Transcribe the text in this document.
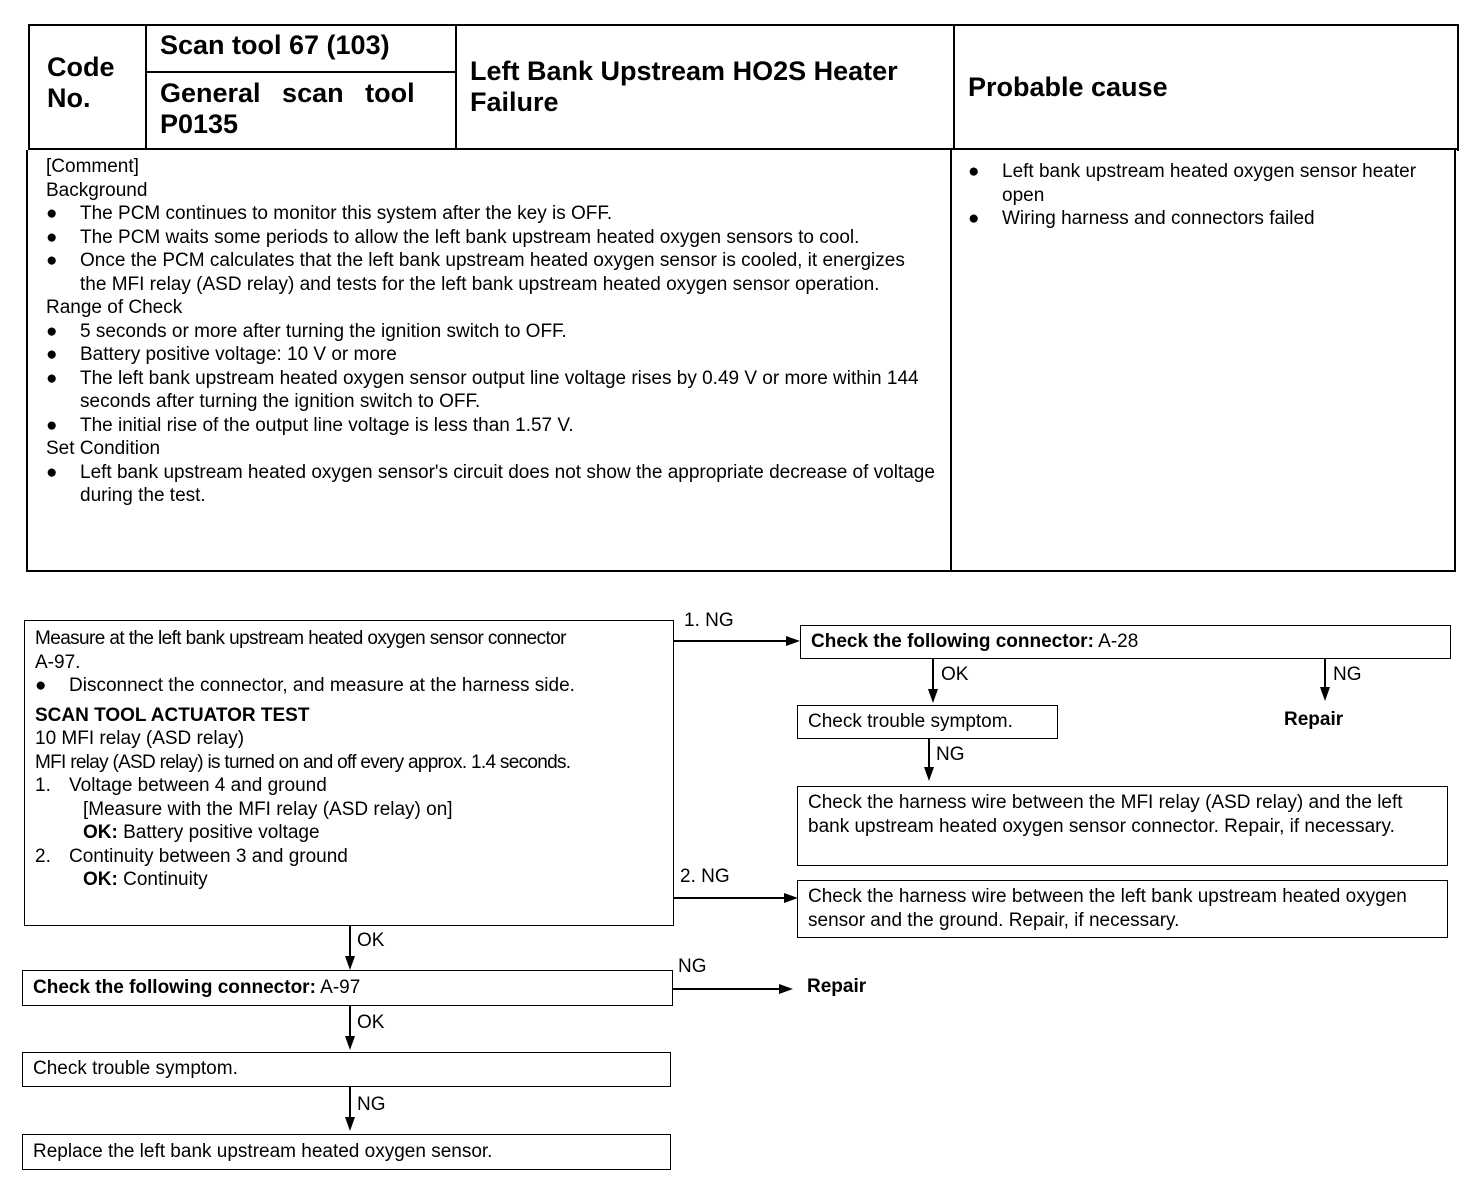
Code No.
Scan tool 67 (103)
General scan tool P0135
Left Bank Upstream HO2S Heater Failure	Probable cause
[Comment]
Background
● The PCM continues to monitor this system after the key is OFF.
● The PCM waits some periods to allow the left bank upstream heated oxygen sensors to cool.
● Once the PCM calculates that the left bank upstream heated oxygen sensor is cooled, it energizes the MFI relay (ASD relay) and tests for the left bank upstream heated oxygen sensor operation.
Range of Check
● 5 seconds or more after turning the ignition switch to OFF.
● Battery positive voltage: 10 V or more
● The left bank upstream heated oxygen sensor output line voltage rises by 0.49 V or more within 144 seconds after turning the ignition switch to OFF.
● The initial rise of the output line voltage is less than 1.57 V.
Set Condition
● Left bank upstream heated oxygen sensor's circuit does not show the appropriate decrease of voltage during the test.
● Left bank upstream heated oxygen sensor heater open
● Wiring harness and connectors failed
Measure at the left bank upstream heated oxygen sensor connector
A-97.
● Disconnect the connector, and measure at the harness side.
SCAN TOOL ACTUATOR TEST
10 MFI relay (ASD relay)
MFI relay (ASD relay) is turned on and off every approx. 1.4 seconds.
1. Voltage between 4 and ground
[Measure with the MFI relay (ASD relay) on]
OK: Battery positive voltage
2. Continuity between 3 and ground
OK: Continuity
1. NG
Check the following connector: A-28
OK	NG
Repair
Check trouble symptom.
NG
Check the harness wire between the MFI relay (ASD relay) and the left bank upstream heated oxygen sensor connector. Repair, if necessary.
2. NG
Check the harness wire between the left bank upstream heated oxygen sensor and the ground. Repair, if necessary.
OK
Check the following connector: A-97
NG
Repair
OK
Check trouble symptom.
NG
Replace the left bank upstream heated oxygen sensor.
